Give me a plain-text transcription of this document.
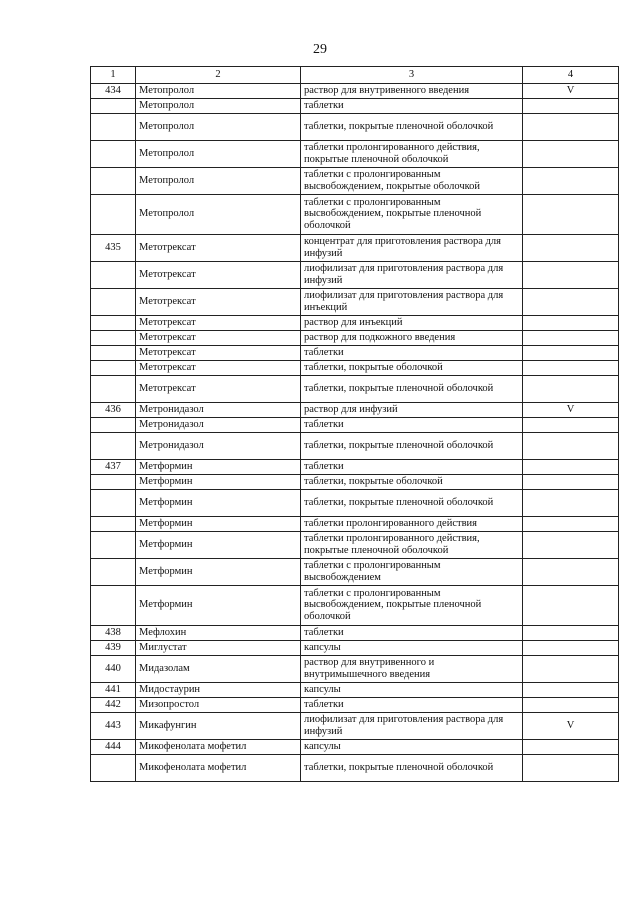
29
1	2	3	4
434	Метопролол	раствор для внутривенного введения	V
	Метопролол	таблетки	
	Метопролол	таблетки, покрытые пленочной оболочкой	
	Метопролол	таблетки пролонгированного действия, покрытые пленочной оболочкой	
	Метопролол	таблетки с пролонгированным высвобождением, покрытые оболочкой	
	Метопролол	таблетки с пролонгированным высвобождением, покрытые пленочной оболочкой	
435	Метотрексат	концентрат для приготовления раствора для инфузий	
	Метотрексат	лиофилизат для приготовления раствора для инфузий	
	Метотрексат	лиофилизат для приготовления раствора для инъекций	
	Метотрексат	раствор для инъекций	
	Метотрексат	раствор для подкожного введения	
	Метотрексат	таблетки	
	Метотрексат	таблетки, покрытые оболочкой	
	Метотрексат	таблетки, покрытые пленочной оболочкой	
436	Метронидазол	раствор для инфузий	V
	Метронидазол	таблетки	
	Метронидазол	таблетки, покрытые пленочной оболочкой	
437	Метформин	таблетки	
	Метформин	таблетки, покрытые оболочкой	
	Метформин	таблетки, покрытые пленочной оболочкой	
	Метформин	таблетки пролонгированного действия	
	Метформин	таблетки пролонгированного действия, покрытые пленочной оболочкой	
	Метформин	таблетки с пролонгированным высвобождением	
	Метформин	таблетки с пролонгированным высвобождением, покрытые пленочной оболочкой	
438	Мефлохин	таблетки	
439	Миглустат	капсулы	
440	Мидазолам	раствор для внутривенного и внутримышечного введения	
441	Мидостаурин	капсулы	
442	Мизопростол	таблетки	
443	Микафунгин	лиофилизат для приготовления раствора для инфузий	V
444	Микофенолата мофетил	капсулы	
	Микофенолата мофетил	таблетки, покрытые пленочной оболочкой	
